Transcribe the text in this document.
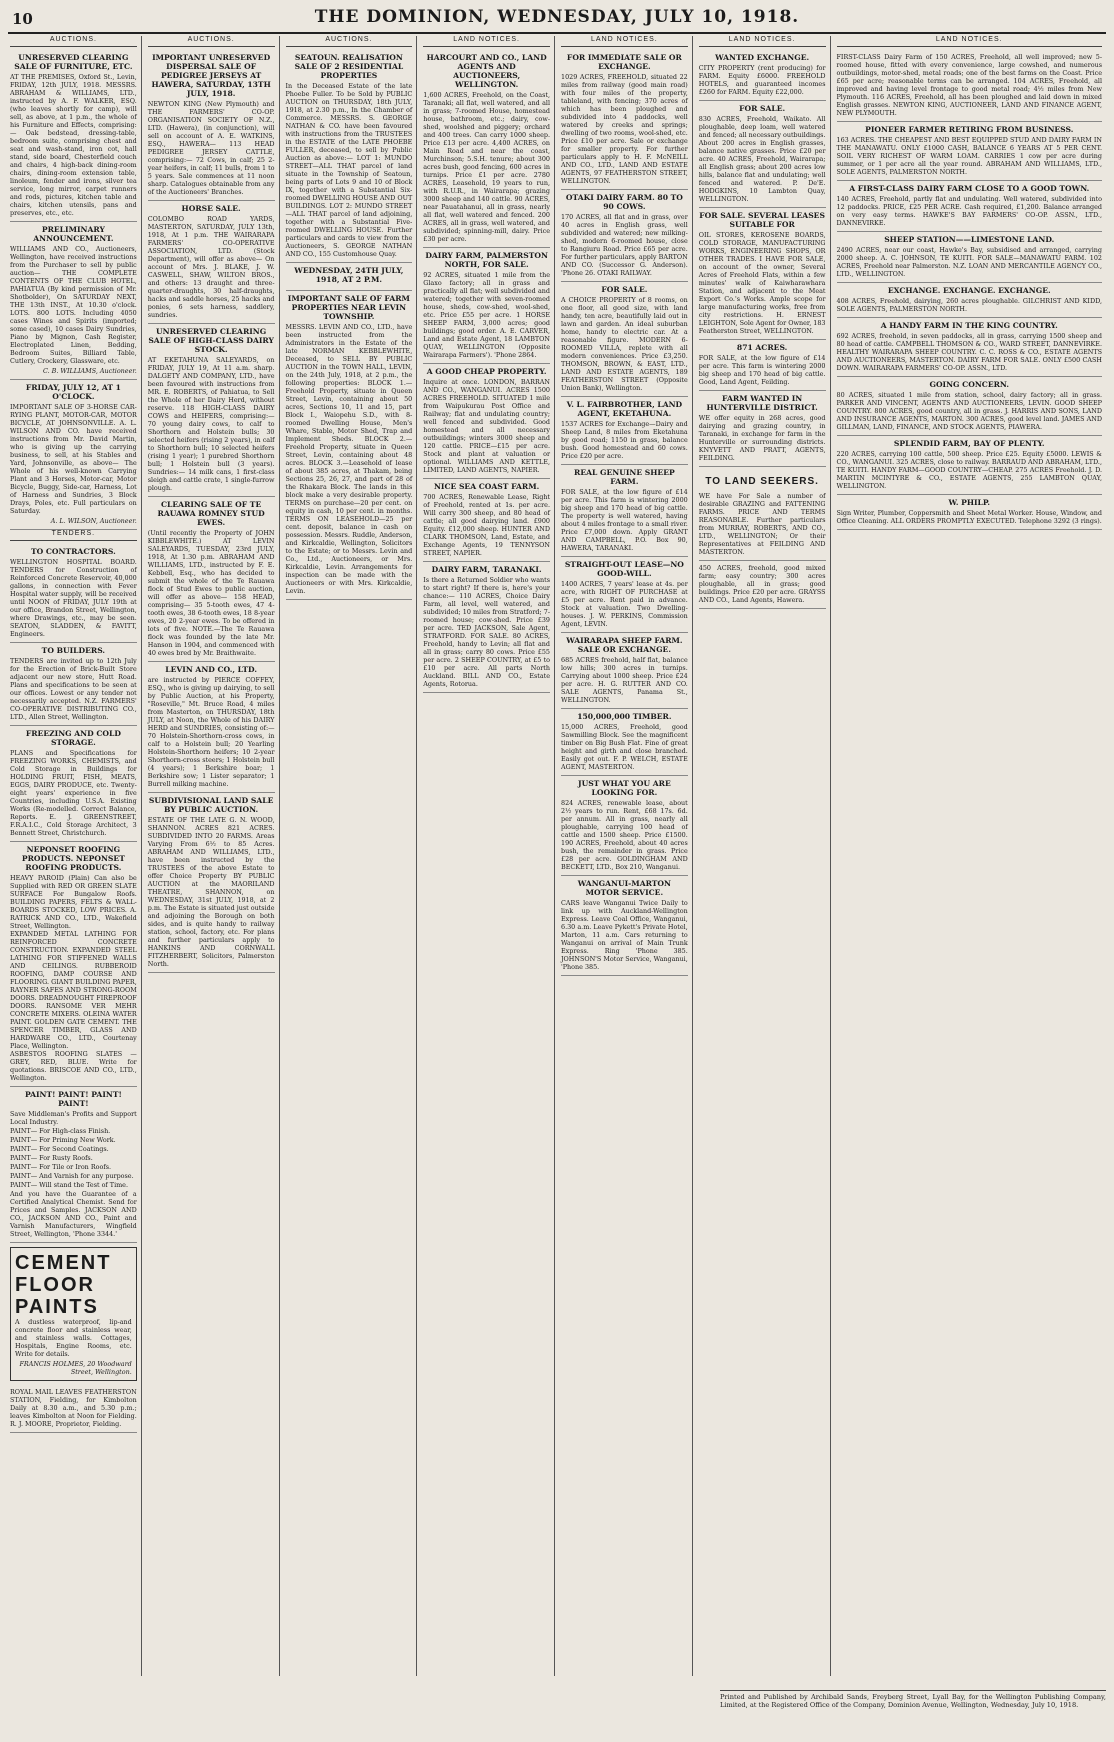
10	THE DOMINION, WEDNESDAY, JULY 10, 1918.
AUCTIONS.
UNRESERVED CLEARING SALE OF FURNITURE, ETC.
AT THE PREMISES, Oxford St., Levin, FRIDAY, 12th JULY, 1918. MESSRS. ABRAHAM & WILLIAMS, LTD., instructed by A. F. WALKER, ESQ. (who leaves shortly for camp), will sell, as above, at 1 p.m., the whole of his Furniture and Effects, comprising:— Oak bedstead, dressing-table, bedroom suite, comprising chest and seat and wash-stand, iron cot, hall stand, side board, Chesterfield couch and chairs, 4 high-back dining-room chairs, dining-room extension table, linoleum, fender and irons, silver tea service, long mirror, carpet runners and rods, pictures, kitchen table and chairs, kitchen utensils, pans and preserves, etc., etc.
PRELIMINARY ANNOUNCEMENT.
WILLIAMS AND CO., Auctioneers, Wellington, have received instructions from the Purchaser to sell by public auction— THE COMPLETE CONTENTS OF THE CLUB HOTEL, PAHIATUA (By kind permission of Mr. Shotbolder), On SATURDAY NEXT, THE 13th INST., At 10.30 o'clock. LOTS. 800 LOTS. Including 4050 cases Wines and Spirits (imported; some cased), 10 cases Dairy Sundries, Piano by Mignon, Cash Register, Electroplated Linen, Bedding, Bedroom Suites, Billiard Table, Cutlery, Crockery, Glassware, etc.
C. B. WILLIAMS, Auctioneer.
FRIDAY, JULY 12, AT 1 O'CLOCK.
IMPORTANT SALE OF 3-HORSE CAR-RYING PLANT, MOTOR-CAR, MOTOR BICYCLE, AT JOHNSONVILLE. A. L. WILSON AND CO. have received instructions from Mr. David Martin, who is giving up the carrying business, to sell, at his Stables and Yard, Johnsonville, as above— The Whole of his well-known Carrying Plant and 3 Horses, Motor-car, Motor Bicycle, Buggy, Side-car, Harness, Lot of Harness and Sundries, 3 Block Drays, Poles, etc. Full particulars on Saturday.
A. L. WILSON, Auctioneer.
TENDERS.
TO CONTRACTORS.
WELLINGTON HOSPITAL BOARD. TENDERS for Construction of Reinforced Concrete Reservoir, 40,000 gallons, in connection with Fever Hospital water supply, will be received until NOON of FRIDAY, JULY 19th at our office, Brandon Street, Wellington, where Drawings, etc., may be seen. SEATON, SLADDEN, & FAVITT, Engineers.
TO BUILDERS.
TENDERS are invited up to 12th July for the Erection of Brick-Built Store adjacent our new store, Hutt Road. Plans and specifications to be seen at our offices. Lowest or any tender not necessarily accepted. N.Z. FARMERS' CO-OPERATIVE DISTRIBUTING CO., LTD., Allen Street, Wellington.
FREEZING AND COLD STORAGE.
PLANS and Specifications for FREEZING WORKS, CHEMISTS, and Cold Storage in Buildings for HOLDING FRUIT, FISH, MEATS, EGGS, DAIRY PRODUCE, etc. Twenty-eight years' experience in five Countries, including U.S.A. Existing Works (Re-modelled. Correct Balance, Reports. E. J. GREENSTREET, F.R.A.I.C., Cold Storage Architect, 3 Bennett Street, Christchurch.
NEPONSET ROOFING PRODUCTS. NEPONSET ROOFING PRODUCTS.
HEAVY PAROID (Plain) Can also be Supplied with RED OR GREEN SLATE SURFACE For Bungalow Roofs. BUILDING PAPERS, FELTS & WALL-BOARDS STOCKED, LOW PRICES. A. RATRICK AND CO., LTD., Wakefield Street, Wellington.
EXPANDED METAL LATHING FOR REINFORCED CONCRETE CONSTRUCTION. EXPANDED STEEL LATHING FOR STIFFENED WALLS AND CEILINGS. RUBBEROID ROOFING, DAMP COURSE AND FLOORING. GIANT BUILDING PAPER, RAYNER SAFES AND STRONG-ROOM DOORS. DREADNOUGHT FIREPROOF DOORS. RANSOME VER MEHR CONCRETE MIXERS. OLEINA WATER PAINT. GOLDEN GATE CEMENT. THE SPENCER TIMBER, GLASS AND HARDWARE CO., LTD., Courtenay Place, Wellington.
ASBESTOS ROOFING SLATES — GREY, RED, BLUE. Write for quotations. BRISCOE AND CO., LTD., Wellington.
PAINT! PAINT! PAINT! PAINT!
Save Middleman's Profits and Support Local Industry.
PAINT— For High-class Finish.
PAINT— For Priming New Work.
PAINT— For Second Coatings.
PAINT— For Rusty Roofs.
PAINT— For Tile or Iron Roofs.
PAINT— And Varnish for any purpose.
PAINT— Will stand the Test of Time.
And you have the Guarantee of a Certified Analytical Chemist. Send for Prices and Samples. JACKSON AND CO., JACKSON AND CO., Paint and Varnish Manufacturers, Wingfield Street, Wellington, 'Phone 3344.'
CEMENT
FLOOR
PAINTS
A dustless waterproof, lip-and concrete floor and stainless wear, and stainless walls. Cottages, Hospitals, Engine Rooms, etc. Write for details.
FRANCIS HOLMES, 20 Woodward Street, Wellington.
ROYAL MAIL LEAVES FEATHERSTON STATION, Fielding, for Kimbolton Daily at 8.30 a.m., and 5.30 p.m.; leaves Kimbolton at Noon for Fielding. R. J. MOORE, Proprietor, Fielding.
AUCTIONS.
IMPORTANT UNRESERVED DISPERSAL SALE OF PEDIGREE JERSEYS AT HAWERA, SATURDAY, 13TH JULY, 1918.
NEWTON KING (New Plymouth) and THE FARMERS' CO-OP. ORGANISATION SOCIETY OF N.Z., LTD. (Hawera), (in conjunction), will sell on account of A. E. WATKINS, ESQ., HAWERA— 113 HEAD PEDIGREE JERSEY CATTLE, comprising:— 72 Cows, in calf; 25 2-year heifers, in calf; 11 bulls, from 1 to 5 years. Sale commences at 11 noon sharp. Catalogues obtainable from any of the Auctioneers' Branches.
HORSE SALE.
COLOMBO ROAD YARDS, MASTERTON, SATURDAY, JULY 13th, 1918, At 1 p.m. THE WAIRARAPA FARMERS' CO-OPERATIVE ASSOCIATION, LTD. (Stock Department), will offer as above— On account of Mrs. J. BLAKE, J. W. CASWELL, SHAW, WILTON BROS., and others: 13 draught and three-quarter-draughts, 30 half-draughts, hacks and saddle horses, 25 hacks and ponies, 6 sets harness, saddlery, sundries.
UNRESERVED CLEARING SALE OF HIGH-CLASS DAIRY STOCK.
AT EKETAHUNA SALEYARDS, on FRIDAY, JULY 19, At 11 a.m. sharp. DALGETY AND COMPANY, LTD., have been favoured with instructions from MR. E. ROBERTS, of Pahiatua, to Sell the Whole of her Dairy Herd, without reserve. 118 HIGH-CLASS DAIRY COWS and HEIFERS, comprising:— 70 young dairy cows, to calf to Shorthorn and Holstein bulls; 30 selected heifers (rising 2 years), in calf to Shorthorn bull; 10 selected heifers (rising 1 year); 1 purebred Shorthorn bull; 1 Holstein bull (3 years). Sundries:— 14 milk cans, 1 first-class sleigh and cattle crate, 1 single-furrow plough.
CLEARING SALE OF TE RAUAWA ROMNEY STUD EWES.
(Until recently the Property of JOHN KIBBLEWHITE.) AT LEVIN SALEYARDS, TUESDAY, 23rd JULY, 1918, At 1.30 p.m. ABRAHAM AND WILLIAMS, LTD., instructed by F. E. Kebbell, Esq., who has decided to submit the whole of the Te Rauawa flock of Stud Ewes to public auction, will offer as above— 158 HEAD, comprising— 35 5-tooth ewes, 47 4-tooth ewes, 38 6-tooth ewes, 18 8-year ewes, 20 2-year ewes. To be offered in lots of five. NOTE.—The Te Rauawa flock was founded by the late Mr. Hanson in 1904, and commenced with 40 ewes bred by Mr. Braithwaite.
LEVIN AND CO., LTD.
are instructed by PIERCE COFFEY, ESQ., who is giving up dairying, to sell by Public Auction, at his Property, "Roseville," Mt. Bruce Road, 4 miles from Masterton, on THURSDAY, 18th JULY, at Noon, the Whole of his DAIRY HERD and SUNDRIES, consisting of:— 70 Holstein-Shorthorn-cross cows, in calf to a Holstein bull; 20 Yearling Holstein-Shorthorn heifers; 10 2-year Shorthorn-cross steers; 1 Holstein bull (4 years); 1 Berkshire boar; 1 Berkshire sow; 1 Lister separator; 1 Burrell milking machine.
SUBDIVISIONAL LAND SALE BY PUBLIC AUCTION.
ESTATE OF THE LATE G. N. WOOD, SHANNON. ACRES 821 ACRES. SUBDIVIDED INTO 20 FARMS. Areas Varying From 6½ to 85 Acres. ABRAHAM AND WILLIAMS, LTD., have been instructed by the TRUSTEES of the above Estate to offer Choice Property BY PUBLIC AUCTION at the MAORILAND THEATRE, SHANNON, on WEDNESDAY, 31st JULY, 1918, at 2 p.m. The Estate is situated just outside and adjoining the Borough on both sides, and is quite handy to railway station, school, factory, etc. For plans and further particulars apply to HANKINS AND CORNWALL FITZHERBERT, Solicitors, Palmerston North.
AUCTIONS.
SEATOUN. REALISATION SALE OF 2 RESIDENTIAL PROPERTIES
In the Deceased Estate of the late Phoebe Fuller. To be Sold by PUBLIC AUCTION on THURSDAY, 18th JULY, 1918, at 2.30 p.m., In the Chamber of Commerce. MESSRS. S. GEORGE NATHAN & CO. have been favoured with instructions from the TRUSTEES in the ESTATE of the LATE PHOEBE FULLER, deceased, to sell by Public Auction as above:— LOT 1: MUNDO STREET—ALL THAT parcel of land situate in the Township of Seatoun, being parts of Lots 9 and 10 of Block IX, together with a Substantial Six-roomed DWELLING HOUSE AND OUT BUILDINGS. LOT 2: MUNDO STREET—ALL THAT parcel of land adjoining, together with a Substantial Five-roomed DWELLING HOUSE. Further particulars and cards to view from the Auctioneers, S. GEORGE NATHAN AND CO., 155 Customhouse Quay.
WEDNESDAY, 24TH JULY, 1918, AT 2 P.M.
IMPORTANT SALE OF FARM PROPERTIES NEAR LEVIN TOWNSHIP.
MESSRS. LEVIN AND CO., LTD., have been instructed from the Administrators in the Estate of the late NORMAN KEBBLEWHITE, Deceased, to SELL BY PUBLIC AUCTION in the TOWN HALL, LEVIN, on the 24th July, 1918, at 2 p.m., the following properties: BLOCK 1.—Freehold Property, situate in Queen Street, Levin, containing about 50 acres, Sections 10, 11 and 15, part Block I., Waiopehu S.D., with 8-roomed Dwelling House, Men's Whare, Stable, Motor Shed, Trap and Implement Sheds. BLOCK 2.—Freehold Property, situate in Queen Street, Levin, containing about 48 acres. BLOCK 3.—Leasehold of lease of about 385 acres, at Thakam, being Sections 25, 26, 27, and part of 28 of the Rhakara Block. The lands in this block make a very desirable property. TERMS on purchase—20 per cent. on equity in cash, 10 per cent. in months. TERMS ON LEASEHOLD—25 per cent. deposit, balance in cash on possession. Messrs. Ruddle, Anderson, and Kirkcaldie, Wellington, Solicitors to the Estate; or to Messrs. Levin and Co., Ltd., Auctioneers, or Mrs. Kirkcaldie, Levin. Arrangements for inspection can be made with the Auctioneers or with Mrs. Kirkcaldie, Levin.
LAND NOTICES.
HARCOURT AND CO., LAND AGENTS AND AUCTIONEERS, WELLINGTON.
1,600 ACRES, Freehold, on the Coast, Taranaki; all flat, well watered, and all in grass; 7-roomed House, homestead house, bathroom, etc.; dairy, cow-shed, woolshed and piggery; orchard and 400 trees. Can carry 1000 sheep. Price £13 per acre. 4,400 ACRES, on Main Road and near the coast, Murchinson; 5.S.H. tenure; about 300 acres bush, good fencing, 600 acres in turnips. Price £1 per acre. 2780 ACRES, Leasehold, 19 years to run, with R.U.R., in Wairarapa; grazing 3000 sheep and 140 cattle. 90 ACRES, near Pauatahanui, all in grass, nearly all flat, well watered and fenced. 200 ACRES, all in grass, well watered, and subdivided; spinning-mill, dairy. Price £30 per acre.
DAIRY FARM, PALMERSTON NORTH, FOR SALE.
92 ACRES, situated 1 mile from the Glaxo factory; all in grass and practically all flat; well subdivided and watered; together with seven-roomed house, sheds, cow-shed, wool-shed, etc. Price £55 per acre. 1 HORSE SHEEP FARM, 3,000 acres; good buildings; good order. A. E. CARVER, Land and Estate Agent, 18 LAMBTON QUAY, WELLINGTON (Opposite Wairarapa Farmers'). 'Phone 2864.
A GOOD CHEAP PROPERTY.
Inquire at once. LONDON, BARRAN AND CO., WANGANUI. ACRES 1500 ACRES FREEHOLD. SITUATED 1 mile from Waipukurau Post Office and Railway; flat and undulating country; well fenced and subdivided. Good homestead and all necessary outbuildings; winters 3000 sheep and 120 cattle. PRICE—£15 per acre. Stock and plant at valuation or optional. WILLIAMS AND KETTLE, LIMITED, LAND AGENTS, NAPIER.
NICE SEA COAST FARM.
700 ACRES, Renewable Lease, Right of Freehold, rented at 1s. per acre. Will carry 300 sheep, and 80 head of cattle; all good dairying land. £900 Equity. £12,000 sheep. HUNTER AND CLARK THOMSON, Land, Estate, and Exchange Agents, 19 TENNYSON STREET, NAPIER.
DAIRY FARM, TARANAKI.
Is there a Returned Soldier who wants to start right? If there is, here's your chance:— 110 ACRES, Choice Dairy Farm, all level, well watered, and subdivided; 10 miles from Stratford; 7-roomed house; cow-shed. Price £39 per acre. TED JACKSON, Sale Agent, STRATFORD. FOR SALE. 80 ACRES, Freehold, handy to Levin; all flat and all in grass; carry 80 cows. Price £55 per acre. 2 SHEEP COUNTRY, at £5 to £10 per acre. All parts North Auckland. BILL AND CO., Estate Agents, Rotorua.
LAND NOTICES.
FOR IMMEDIATE SALE OR EXCHANGE.
1029 ACRES, FREEHOLD, situated 22 miles from railway (good main road) with four miles of the property, tableland, with fencing; 370 acres of which has been ploughed and subdivided into 4 paddocks, well watered by creeks and springs; dwelling of two rooms, wool-shed, etc. Price £10 per acre. Sale or exchange for smaller property. For further particulars apply to H. F. McNEILL AND CO., LTD., LAND AND ESTATE AGENTS, 97 FEATHERSTON STREET, WELLINGTON.
OTAKI DAIRY FARM. 80 TO 90 COWS.
170 ACRES, all flat and in grass, over 40 acres in English grass, well subdivided and watered; new milking-shed, modern 6-roomed house, close to Rangiuru Road. Price £65 per acre. For further particulars, apply BARTON AND CO. (Successor G. Anderson). 'Phone 26. OTAKI RAILWAY.
FOR SALE.
A CHOICE PROPERTY of 8 rooms, on one floor, all good size, with land handy, ten acre, beautifully laid out in lawn and garden. An ideal suburban home, handy to electric car. At a reasonable figure. MODERN 6-ROOMED VILLA, replete with all modern conveniences. Price £3,250. THOMSON, BROWN, & EAST, LTD., LAND AND ESTATE AGENTS, 189 FEATHERSTON STREET (Opposite Union Bank), Wellington.
V. L. FAIRBROTHER, LAND AGENT, EKETAHUNA.
1537 ACRES for Exchange—Dairy and Sheep Land, 8 miles from Eketahuna by good road; 1150 in grass, balance bush. Good homestead and 60 cows. Price £20 per acre.
REAL GENUINE SHEEP FARM.
FOR SALE, at the low figure of £14 per acre. This farm is wintering 2000 big sheep and 170 head of big cattle. The property is well watered, having about 4 miles frontage to a small river. Price £7,000 down. Apply GRANT AND CAMPBELL, P.O. Box 90, HAWERA, TARANAKI.
STRAIGHT-OUT LEASE—NO GOOD-WILL.
1400 ACRES, 7 years' lease at 4s. per acre, with RIGHT OF PURCHASE at £5 per acre. Rent paid in advance. Stock at valuation. Two Dwelling-houses. J. W. PERKINS, Commission Agent, LEVIN.
WAIRARAPA SHEEP FARM. SALE OR EXCHANGE.
685 ACRES freehold, half flat, balance low hills; 300 acres in turnips. Carrying about 1000 sheep. Price £24 per acre. H. G. RUTTER AND CO. SALE AGENTS, Panama St., WELLINGTON.
150,000,000 TIMBER.
15,000 ACRES, Freehold, good Sawmilling Block. See the magnificent timber on Big Bush Flat. Fine of great height and girth and close branched. Easily got out. F. P. WELCH, ESTATE AGENT, MASTERTON.
JUST WHAT YOU ARE LOOKING FOR.
824 ACRES, renewable lease, about 2½ years to run. Rent, £68 17s. 6d. per annum. All in grass, nearly all ploughable, carrying 100 head of cattle and 1500 sheep. Price £1500. 190 ACRES, Freehold, about 40 acres bush, the remainder in grass. Price £28 per acre. GOLDINGHAM AND BECKETT, LTD., Box 210, Wanganui.
WANGANUI-MARTON MOTOR SERVICE.
CARS leave Wanganui Twice Daily to link up with Auckland-Wellington Express. Leave Coal Office, Wanganui, 6.30 a.m. Leave Pykett's Private Hotel, Marton, 11 a.m. Cars returning to Wanganui on arrival of Main Trunk Express. Ring 'Phone 385. JOHNSON'S Motor Service, Wanganui, 'Phone 385.
LAND NOTICES.
WANTED EXCHANGE.
CITY PROPERTY (rent producing) for FARM. Equity £6000. FREEHOLD HOTELS, and guaranteed incomes £260 for FARM. Equity £22,000.
FOR SALE.
830 ACRES, Freehold, Waikato. All ploughable, deep loam, well watered and fenced; all necessary outbuildings. About 200 acres in English grasses, balance native grasses. Price £20 per acre. 40 ACRES, Freehold, Wairarapa; all English grass; about 200 acres low hills, balance flat and undulating; well fenced and watered. P. De'E. HODGKINS, 10 Lambton Quay, WELLINGTON.
FOR SALE. SEVERAL LEASES SUITABLE FOR
OIL STORES, KEROSENE BOARDS, COLD STORAGE, MANUFACTURING WORKS, ENGINEERING SHOPS, OR OTHER TRADES. I HAVE FOR SALE, on account of the owner, Several Acres of Freehold Flats, within a few minutes' walk of Kaiwharawhara Station, and adjacent to the Meat Export Co.'s Works. Ample scope for large manufacturing works, free from city restrictions. H. ERNEST LEIGHTON, Sole Agent for Owner, 183 Featherston Street, WELLINGTON.
871 ACRES.
FOR SALE, at the low figure of £14 per acre. This farm is wintering 2000 big sheep and 170 head of big cattle. Good, Land Agent, Feilding.
FARM WANTED IN HUNTERVILLE DISTRICT.
WE offer equity in 268 acres, good dairying and grazing country, in Taranaki, in exchange for farm in the Hunterville or surrounding districts. KNYVETT AND PRATT, AGENTS, FEILDING.
TO LAND SEEKERS.
WE have For Sale a number of desirable GRAZING and FATTENING FARMS. PRICE AND TERMS REASONABLE. Further particulars from MURRAY, ROBERTS, AND CO., LTD., WELLINGTON; Or their Representatives at FEILDING AND MASTERTON.
450 ACRES, freehold, good mixed farm; easy country; 300 acres ploughable, all in grass; good buildings. Price £20 per acre. GRAYSS AND CO., Land Agents, Hawera.
LAND NOTICES.
FIRST-CLASS Dairy Farm of 150 ACRES, Freehold, all well improved; new 5-roomed house, fitted with every convenience, large cowshed, and numerous outbuildings, motor-shed, metal roads; one of the best farms on the Coast. Price £65 per acre; reasonable terms can be arranged. 104 ACRES, Freehold, all improved and having level frontage to good metal road; 4½ miles from New Plymouth. 116 ACRES, Freehold, all has been ploughed and laid down in mixed English grasses. NEWTON KING, AUCTIONEER, LAND AND FINANCE AGENT, NEW PLYMOUTH.
PIONEER FARMER RETIRING FROM BUSINESS.
163 ACRES. THE CHEAPEST AND BEST EQUIPPED STUD AND DAIRY FARM IN THE MANAWATU. ONLY £1000 CASH, BALANCE 6 YEARS AT 5 PER CENT. SOIL VERY RICHEST OF WARM LOAM. CARRIES 1 cow per acre during summer, or 1 per acre all the year round. ABRAHAM AND WILLIAMS, LTD., SOLE AGENTS, PALMERSTON NORTH.
A FIRST-CLASS DAIRY FARM CLOSE TO A GOOD TOWN.
140 ACRES, Freehold, partly flat and undulating. Well watered, subdivided into 12 paddocks. PRICE, £25 PER ACRE. Cash required, £1,200. Balance arranged on very easy terms. HAWKE'S BAY FARMERS' CO-OP. ASSN., LTD., DANNEVIRKE.
SHEEP STATION——LIMESTONE LAND.
2490 ACRES, near our coast, Hawke's Bay, subsidised and arranged, carrying 2000 sheep. A. C. JOHNSON, TE KUITI. FOR SALE—MANAWATU FARM. 102 ACRES, Freehold near Palmerston. N.Z. LOAN AND MERCANTILE AGENCY CO., LTD., WELLINGTON.
EXCHANGE. EXCHANGE. EXCHANGE.
408 ACRES, Freehold, dairying, 260 acres ploughable. GILCHRIST AND KIDD, SOLE AGENTS, PALMERSTON NORTH.
A HANDY FARM IN THE KING COUNTRY.
692 ACRES, freehold, in seven paddocks, all in grass, carrying 1500 sheep and 80 head of cattle. CAMPBELL THOMSON & CO., WARD STREET, DANNEVIRKE. HEALTHY WAIRARAPA SHEEP COUNTRY. C. C. ROSS & CO., ESTATE AGENTS AND AUCTIONEERS, MASTERTON. DAIRY FARM FOR SALE. ONLY £500 CASH DOWN. WAIRARAPA FARMERS' CO-OP. ASSN., LTD.
GOING CONCERN.
80 ACRES, situated 1 mile from station, school, dairy factory; all in grass. PARKER AND VINCENT, AGENTS AND AUCTIONEERS, LEVIN. GOOD SHEEP COUNTRY. 800 ACRES, good country, all in grass. J. HARRIS AND SONS, LAND AND INSURANCE AGENTS, MARTON. 300 ACRES, good level land. JAMES AND GILLMAN, LAND, FINANCE, AND STOCK AGENTS, PIAWERA.
SPLENDID FARM, BAY OF PLENTY.
220 ACRES, carrying 100 cattle, 500 sheep. Price £25. Equity £5000. LEWIS & CO., WANGANUI. 325 ACRES, close to railway. BARRAUD AND ABRAHAM, LTD., TE KUITI. HANDY FARM—GOOD COUNTRY—CHEAP. 275 ACRES Freehold. J. D. MARTIN MCINTYRE & CO., ESTATE AGENTS, 255 LAMBTON QUAY, WELLINGTON.
W. PHILP.
Sign Writer, Plumber, Coppersmith and Sheet Metal Worker. House, Window, and Office Cleaning. ALL ORDERS PROMPTLY EXECUTED. Telephone 3292 (3 rings).
Printed and Published by Archibald Sands, Freyberg Street, Lyall Bay, for the Wellington Publishing Company, Limited, at the Registered Office of the Company, Dominion Avenue, Wellington, Wednesday, July 10, 1918.
